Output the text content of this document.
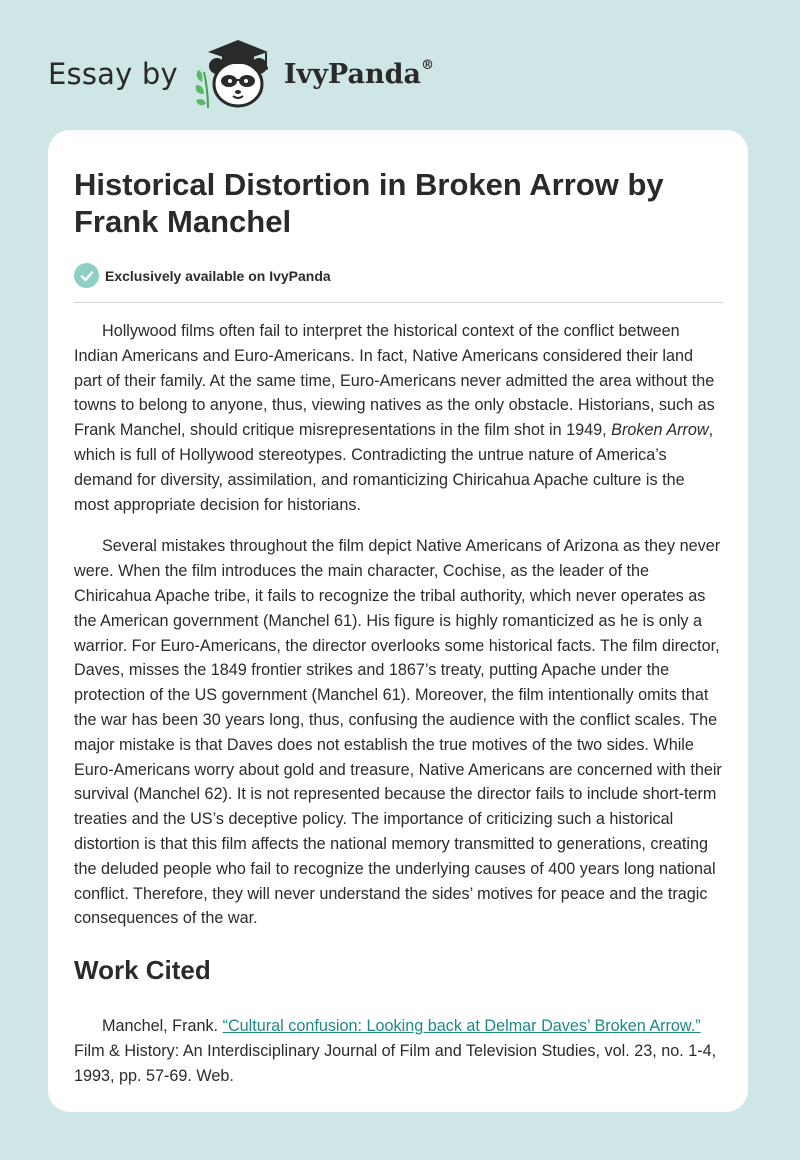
Essay by	IvyPanda®
Historical Distortion in Broken Arrow by Frank Manchel
Exclusively available on IvyPanda

Hollywood films often fail to interpret the historical context of the conflict between Indian Americans and Euro-Americans. In fact, Native Americans considered their land part of their family. At the same time, Euro-Americans never admitted the area without the towns to belong to anyone, thus, viewing natives as the only obstacle. Historians, such as Frank Manchel, should critique misrepresentations in the film shot in 1949, Broken Arrow, which is full of Hollywood stereotypes. Contradicting the untrue nature of America’s demand for diversity, assimilation, and romanticizing Chiricahua Apache culture is the most appropriate decision for historians.

Several mistakes throughout the film depict Native Americans of Arizona as they never were. When the film introduces the main character, Cochise, as the leader of the Chiricahua Apache tribe, it fails to recognize the tribal authority, which never operates as the American government (Manchel 61). His figure is highly romanticized as he is only a warrior. For Euro-Americans, the director overlooks some historical facts. The film director, Daves, misses the 1849 frontier strikes and 1867’s treaty, putting Apache under the protection of the US government (Manchel 61). Moreover, the film intentionally omits that the war has been 30 years long, thus, confusing the audience with the conflict scales. The major mistake is that Daves does not establish the true motives of the two sides. While Euro-Americans worry about gold and treasure, Native Americans are concerned with their survival (Manchel 62). It is not represented because the director fails to include short-term treaties and the US’s deceptive policy. The importance of criticizing such a historical distortion is that this film affects the national memory transmitted to generations, creating the deluded people who fail to recognize the underlying causes of 400 years long national conflict. Therefore, they will never understand the sides’ motives for peace and the tragic consequences of the war.

Work Cited

Manchel, Frank. “Cultural confusion: Looking back at Delmar Daves’ Broken Arrow.” Film & History: An Interdisciplinary Journal of Film and Television Studies, vol. 23, no. 1-4, 1993, pp. 57-69. Web.
